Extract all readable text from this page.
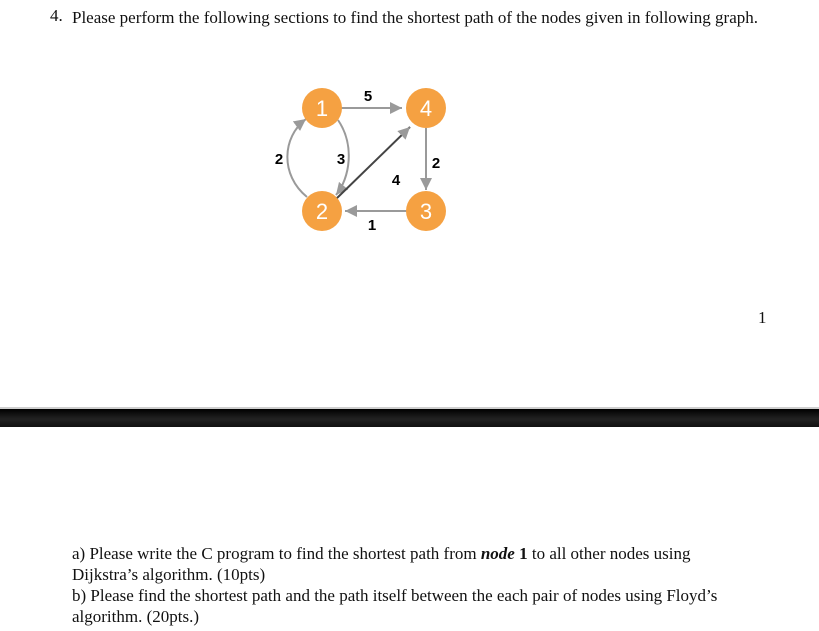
4. Please perform the following sections to find the shortest path of the nodes given in following graph.
5
2	3
4
2
1
1	4
2	3
1
a) Please write the C program to find the shortest path from node 1 to all other nodes using
Dijkstra’s algorithm. (10pts)
b) Please find the shortest path and the path itself between the each pair of nodes using Floyd’s
algorithm. (20pts.)
